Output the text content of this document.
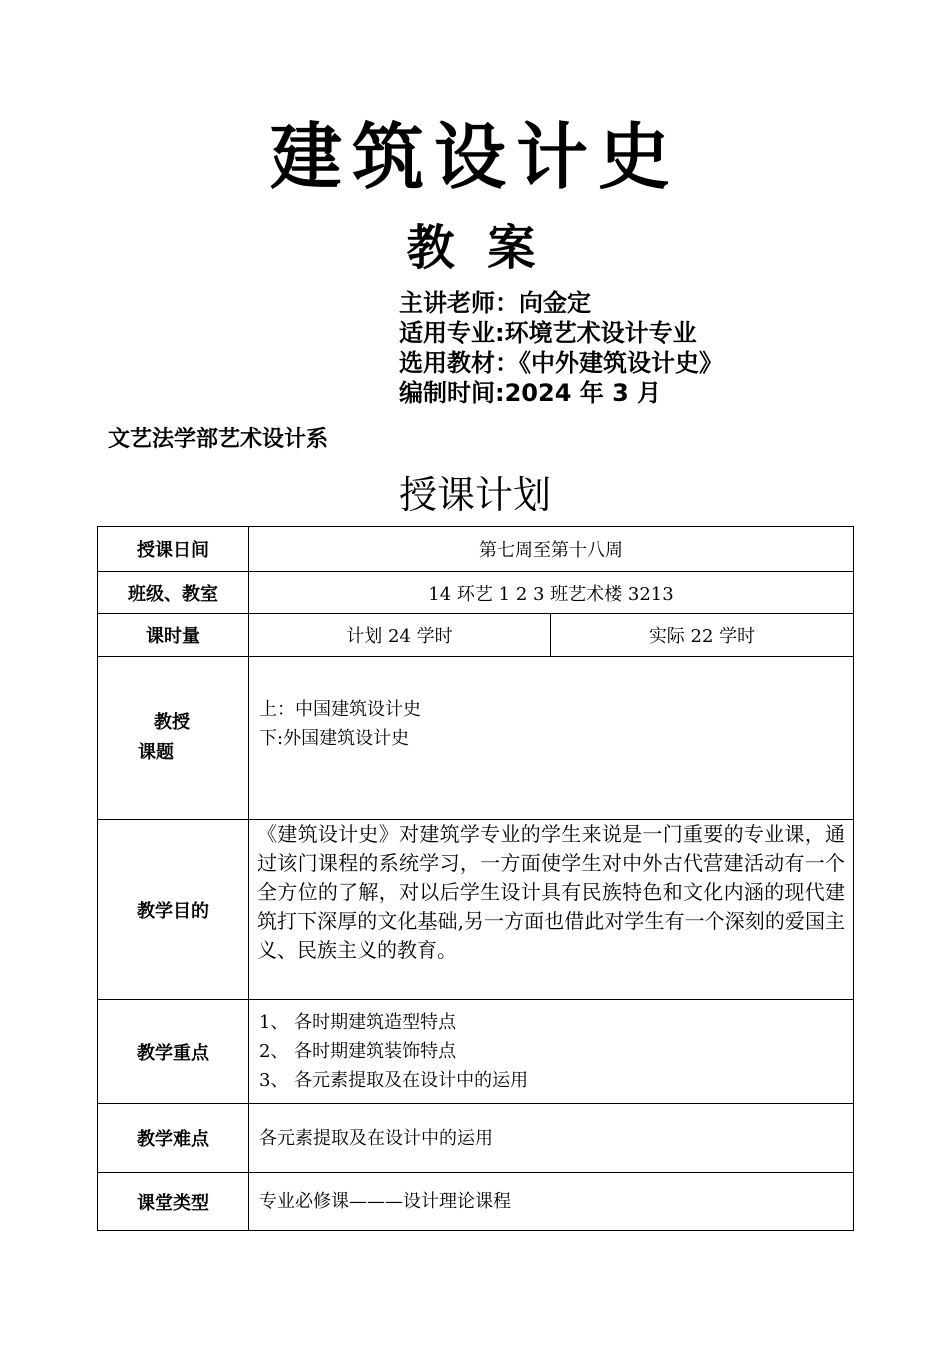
建筑设计史
教 案
主讲老师：向金定
适用专业:环境艺术设计专业
选用教材：《中外建筑设计史》
编制时间:2024 年 3 月
文艺法学部艺术设计系
授课计划
授课日间	第七周至第十八周	
班级、教室	14 环艺 1 2 3 班艺术楼 3213	
课时量	计划 24 学时	实际 22 学时

教授
课题	上：中国建筑设计史
下:外国建筑设计史	

教学目的	《建筑设计史》对建筑学专业的学生来说是一门重要的专业课，通过该门课程的系统学习，一方面使学生对中外古代营建活动有一个全方位的了解，对以后学生设计具有民族特色和文化内涵的现代建筑打下深厚的文化基础,另一方面也借此对学生有一个深刻的爱国主义、民族主义的教育。	
教学重点	1、 各时期建筑造型特点
2、 各时期建筑装饰特点
3、 各元素提取及在设计中的运用	

教学难点	各元素提取及在设计中的运用	
课堂类型	专业必修课———设计理论课程	
